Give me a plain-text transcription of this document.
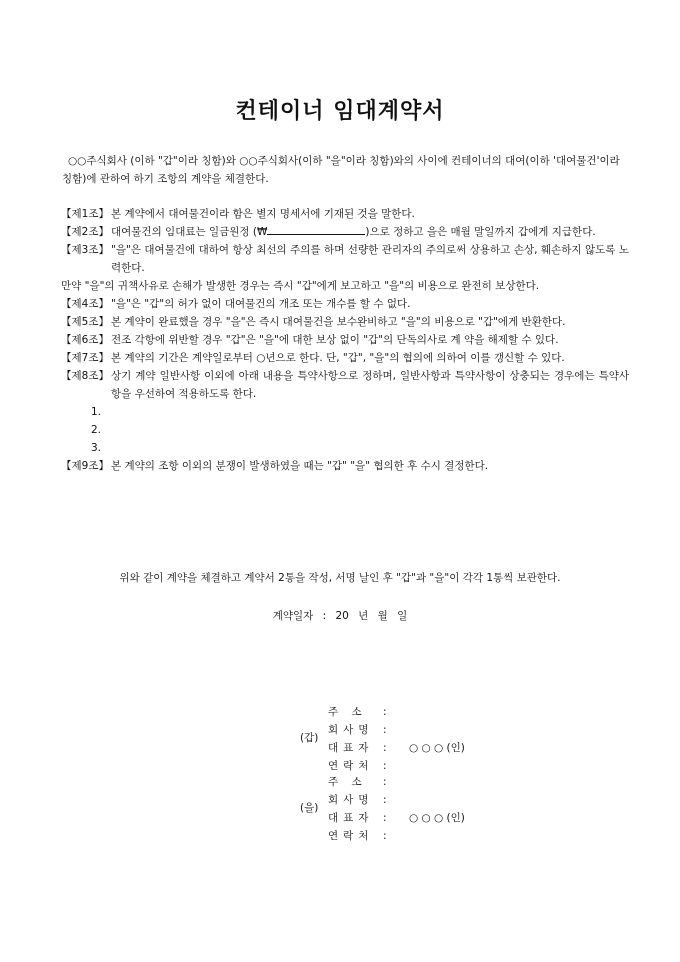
컨테이너 임대계약서
○○주식회사 (이하 "갑"이라 칭함)와 ○○주식회사(이하 "을"이라 칭함)와의 사이에 컨테이너의 대여(이하 '대여물건'이라 칭함)에 관하여 하기 조항의 계약을 체결한다.
【제1조】 본 계약에서 대여물건이라 함은 별지 명세서에 기재된 것을 말한다.
【제2조】 대여물건의 임대료는 일금원정 (₩	)으로 정하고 을은 매월 말일까지 갑에게 지급한다.
【제3조】 "을"은 대여물건에 대하여 항상 최선의 주의를 하며 선량한 관리자의 주의로써 상용하고 손상, 훼손하지 않도록 노력한다.
만약 "을"의 귀책사유로 손해가 발생한 경우는 즉시 "갑"에게 보고하고 "을"의 비용으로 완전히 보상한다.
【제4조】 "을"은 "갑"의 허가 없이 대여물건의 개조 또는 개수를 할 수 없다.
【제5조】 본 계약이 완료했을 경우 "을"은 즉시 대여물건을 보수완비하고 "을"의 비용으로 "갑"에게 반환한다.
【제6조】 전조 각항에 위반할 경우 "갑"은 "을"에 대한 보상 없이 "갑"의 단독의사로 계 약을 해제할 수 있다.
【제7조】 본 계약의 기간은 계약일로부터 ○년으로 한다. 단, "갑", "을"의 협의에 의하여 이를 갱신할 수 있다.
【제8조】 상기 계약 일반사항 이외에 아래 내용을 특약사항으로 정하며, 일반사항과 특약사항이 상충되는 경우에는 특약사항을 우선하여 적용하도록 한다.
1.
2.
3.
【제9조】 본 계약의 조항 이외의 분쟁이 발생하였을 때는 "갑" "을" 협의한 후 수시 결정한다.
위와 같이 계약을 체결하고 계약서 2통을 작성, 서명 날인 후 "갑"과 "을"이 각각 1통씩 보관한다.
계약일자 : 20 년 월 일
(갑)
주 소	:
회사명 :
대표자 :	○ ○ ○ (인)
연락처 :
(을)
주 소	:
회사명 :
대표자 :	○ ○ ○ (인)
연락처 :
